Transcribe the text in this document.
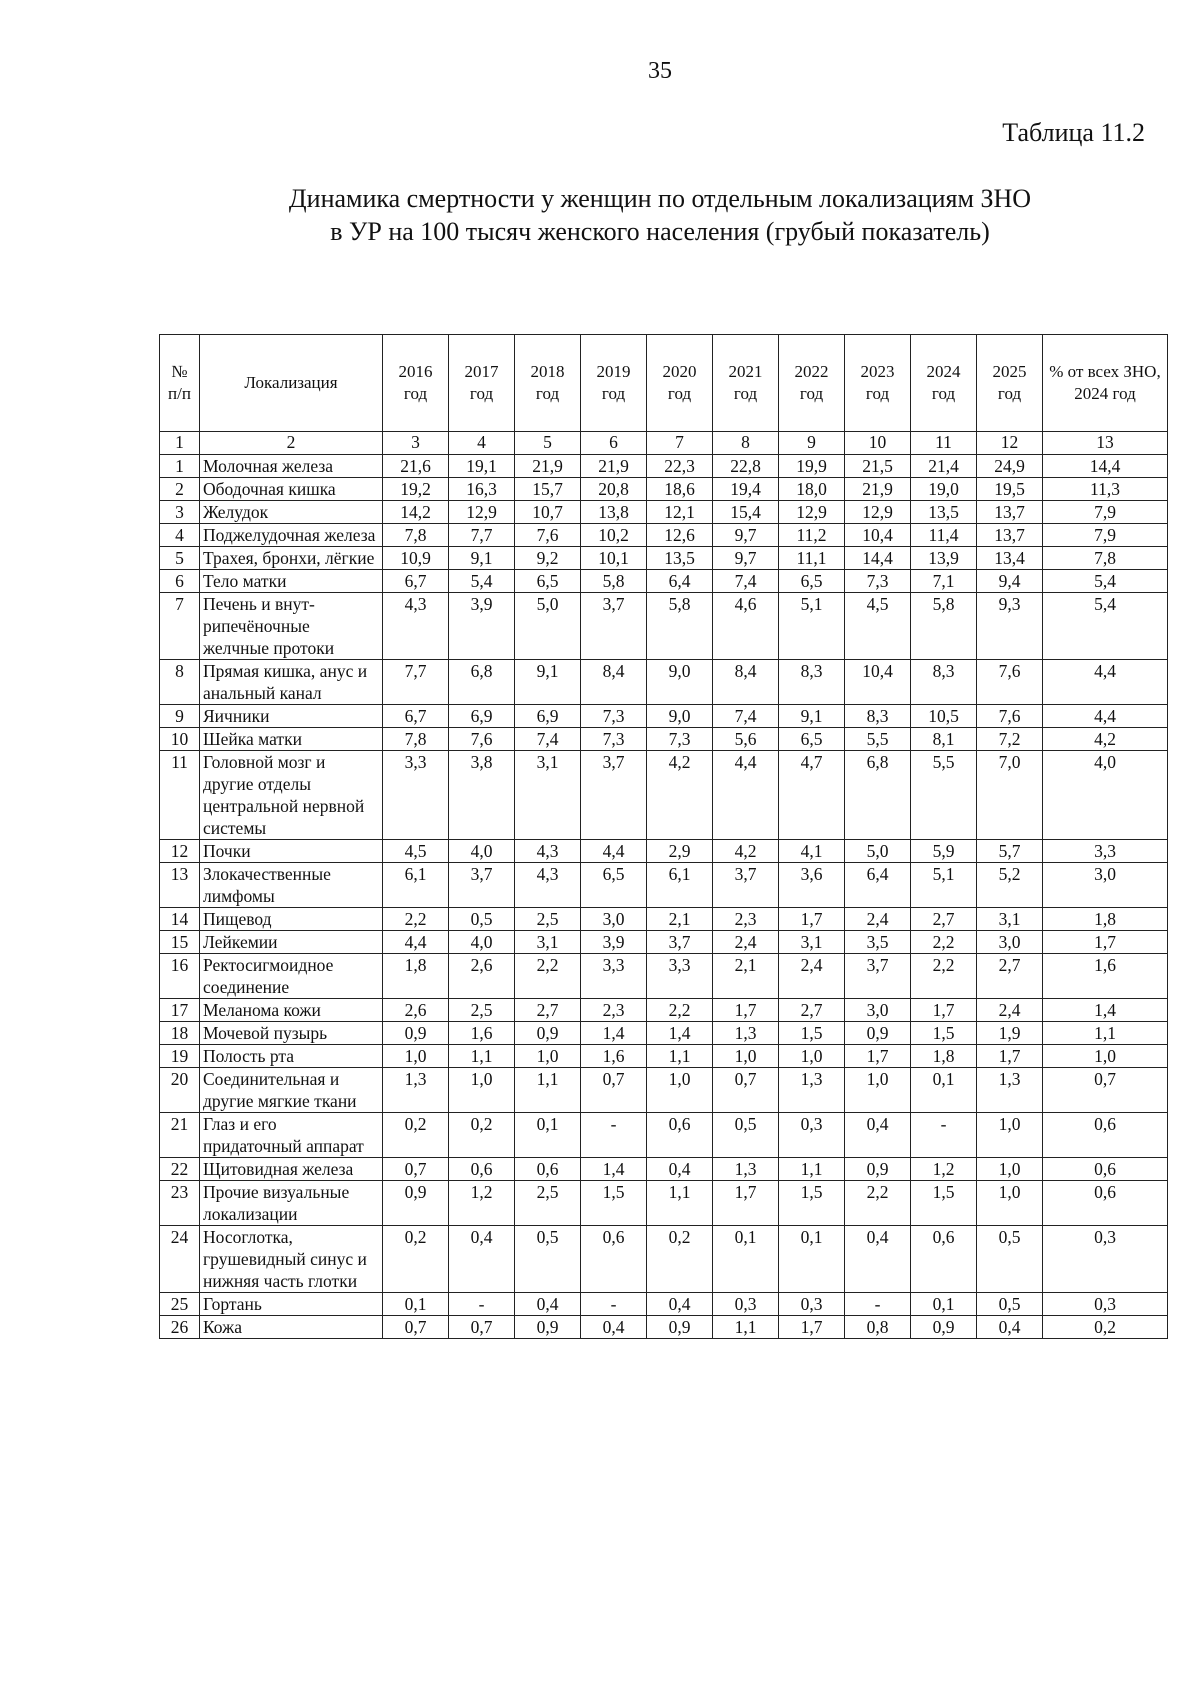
35
Таблица 11.2
Динамика смертности у женщин по отдельным локализациям ЗНО
в УР на 100 тысяч женского населения (грубый показатель)
№ п/п	Локализация	2016 год	2017 год	2018 год	2019 год	2020 год	2021 год	2022 год	2023 год	2024 год	2025 год	% от всех ЗНО, 2024 год
1	2	3	4	5	6	7	8	9	10	11	12	13
1	Молочная железа	21,6	19,1	21,9	21,9	22,3	22,8	19,9	21,5	21,4	24,9	14,4
2	Ободочная кишка	19,2	16,3	15,7	20,8	18,6	19,4	18,0	21,9	19,0	19,5	11,3
3	Желудок	14,2	12,9	10,7	13,8	12,1	15,4	12,9	12,9	13,5	13,7	7,9
4	Поджелудочная железа	7,8	7,7	7,6	10,2	12,6	9,7	11,2	10,4	11,4	13,7	7,9
5	Трахея, бронхи, лёгкие	10,9	9,1	9,2	10,1	13,5	9,7	11,1	14,4	13,9	13,4	7,8
6	Тело матки	6,7	5,4	6,5	5,8	6,4	7,4	6,5	7,3	7,1	9,4	5,4
7	Печень и внут-рипечёночные желчные протоки	4,3	3,9	5,0	3,7	5,8	4,6	5,1	4,5	5,8	9,3	5,4
8	Прямая кишка, анус и анальный канал	7,7	6,8	9,1	8,4	9,0	8,4	8,3	10,4	8,3	7,6	4,4
9	Яичники	6,7	6,9	6,9	7,3	9,0	7,4	9,1	8,3	10,5	7,6	4,4
10	Шейка матки	7,8	7,6	7,4	7,3	7,3	5,6	6,5	5,5	8,1	7,2	4,2
11	Головной мозг и другие отделы центральной нервной системы	3,3	3,8	3,1	3,7	4,2	4,4	4,7	6,8	5,5	7,0	4,0
12	Почки	4,5	4,0	4,3	4,4	2,9	4,2	4,1	5,0	5,9	5,7	3,3
13	Злокачественные лимфомы	6,1	3,7	4,3	6,5	6,1	3,7	3,6	6,4	5,1	5,2	3,0
14	Пищевод	2,2	0,5	2,5	3,0	2,1	2,3	1,7	2,4	2,7	3,1	1,8
15	Лейкемии	4,4	4,0	3,1	3,9	3,7	2,4	3,1	3,5	2,2	3,0	1,7
16	Ректосигмоидное соединение	1,8	2,6	2,2	3,3	3,3	2,1	2,4	3,7	2,2	2,7	1,6
17	Меланома кожи	2,6	2,5	2,7	2,3	2,2	1,7	2,7	3,0	1,7	2,4	1,4
18	Мочевой пузырь	0,9	1,6	0,9	1,4	1,4	1,3	1,5	0,9	1,5	1,9	1,1
19	Полость рта	1,0	1,1	1,0	1,6	1,1	1,0	1,0	1,7	1,8	1,7	1,0
20	Соединительная и другие мягкие ткани	1,3	1,0	1,1	0,7	1,0	0,7	1,3	1,0	0,1	1,3	0,7
21	Глаз и его придаточный аппарат	0,2	0,2	0,1	-	0,6	0,5	0,3	0,4	-	1,0	0,6
22	Щитовидная железа	0,7	0,6	0,6	1,4	0,4	1,3	1,1	0,9	1,2	1,0	0,6
23	Прочие визуальные локализации	0,9	1,2	2,5	1,5	1,1	1,7	1,5	2,2	1,5	1,0	0,6
24	Носоглотка, грушевидный синус и нижняя часть глотки	0,2	0,4	0,5	0,6	0,2	0,1	0,1	0,4	0,6	0,5	0,3
25	Гортань	0,1	-	0,4	-	0,4	0,3	0,3	-	0,1	0,5	0,3
26	Кожа	0,7	0,7	0,9	0,4	0,9	1,1	1,7	0,8	0,9	0,4	0,2
